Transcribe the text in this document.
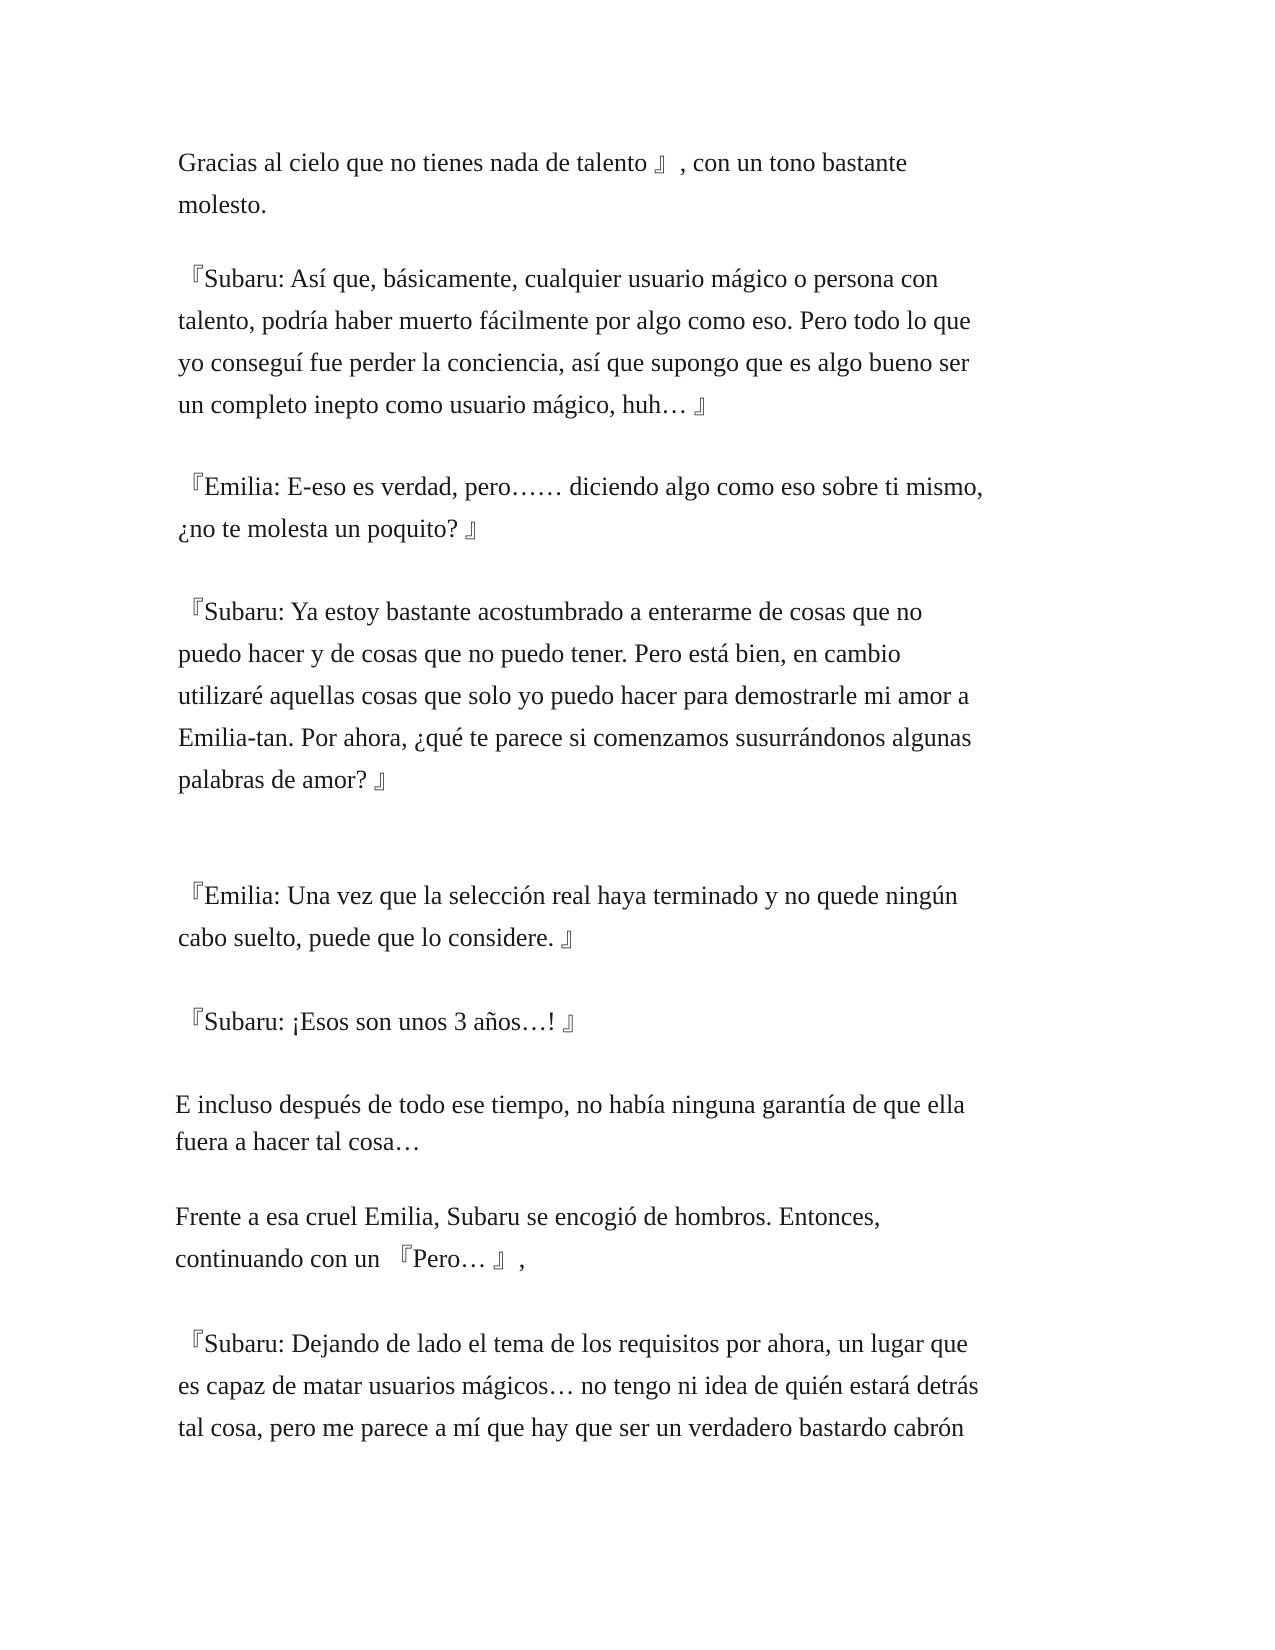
Gracias al cielo que no tienes nada de talento 』, con un tono bastante
molesto.
『Subaru: Así que, básicamente, cualquier usuario mágico o persona con
talento, podría haber muerto fácilmente por algo como eso. Pero todo lo que
yo conseguí fue perder la conciencia, así que supongo que es algo bueno ser
un completo inepto como usuario mágico, huh… 』
『Emilia: E-eso es verdad, pero…… diciendo algo como eso sobre ti mismo,
¿no te molesta un poquito? 』
『Subaru: Ya estoy bastante acostumbrado a enterarme de cosas que no
puedo hacer y de cosas que no puedo tener. Pero está bien, en cambio
utilizaré aquellas cosas que solo yo puedo hacer para demostrarle mi amor a
Emilia-tan. Por ahora, ¿qué te parece si comenzamos susurrándonos algunas
palabras de amor? 』
『Emilia: Una vez que la selección real haya terminado y no quede ningún
cabo suelto, puede que lo considere. 』
『Subaru: ¡Esos son unos 3 años…! 』
E incluso después de todo ese tiempo, no había ninguna garantía de que ella
fuera a hacer tal cosa…
Frente a esa cruel Emilia, Subaru se encogió de hombros. Entonces,
continuando con un 『Pero… 』,
『Subaru: Dejando de lado el tema de los requisitos por ahora, un lugar que
es capaz de matar usuarios mágicos… no tengo ni idea de quién estará detrás
tal cosa, pero me parece a mí que hay que ser un verdadero bastardo cabrón
